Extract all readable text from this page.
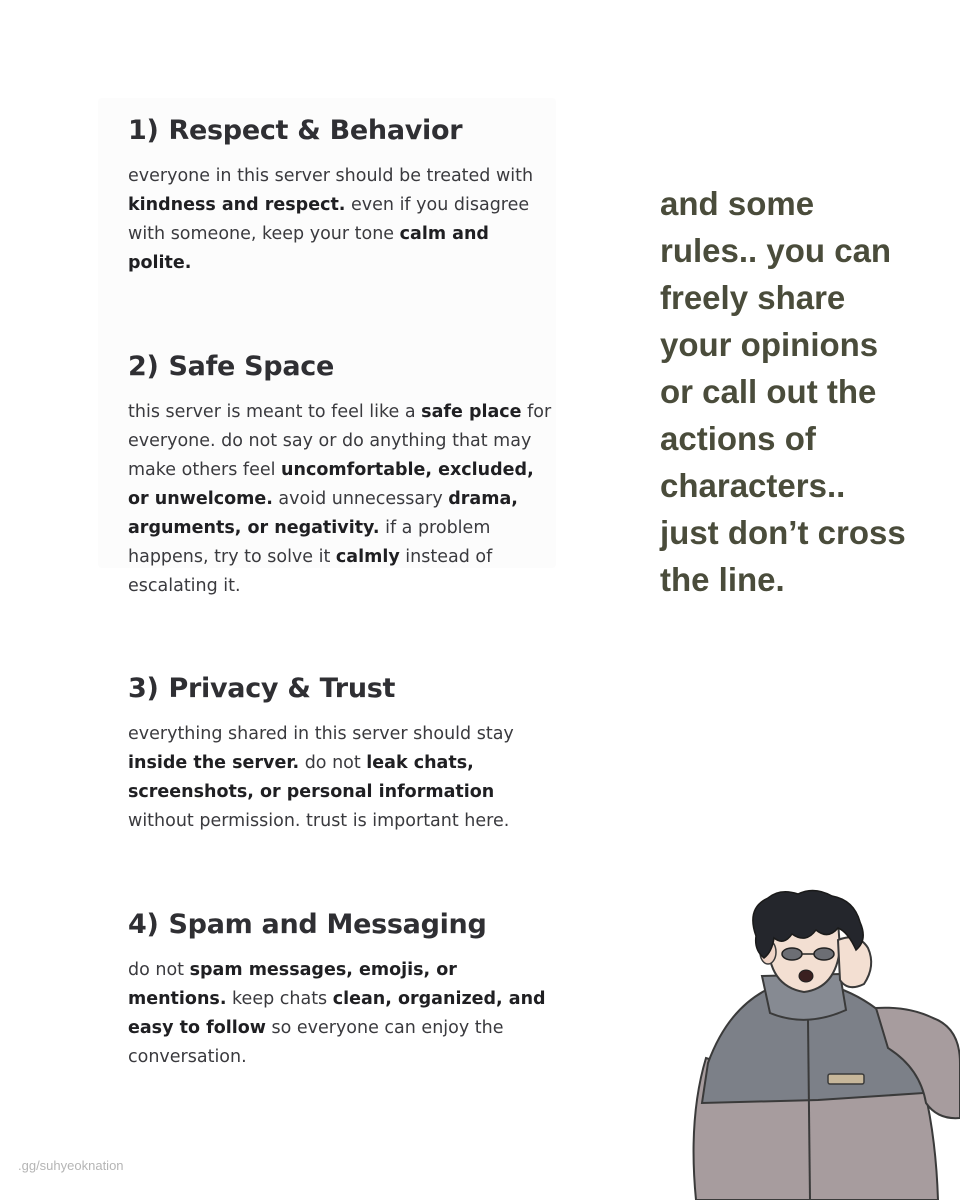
1) Respect & Behavior

everyone in this server should be treated with kindness and respect. even if you disagree with someone, keep your tone calm and polite.

2) Safe Space

this server is meant to feel like a safe place for everyone. do not say or do anything that may make others feel uncomfortable, excluded, or unwelcome. avoid unnecessary drama, arguments, or negativity. if a problem happens, try to solve it calmly instead of escalating it.

3) Privacy & Trust

everything shared in this server should stay inside the server. do not leak chats, screenshots, or personal information without permission. trust is important here.

4) Spam and Messaging

do not spam messages, emojis, or mentions. keep chats clean, organized, and easy to follow so everyone can enjoy the conversation.

and some rules.. you can freely share your opinions or call out the actions of characters.. just don’t cross the line.
.gg/suhyeoknation
